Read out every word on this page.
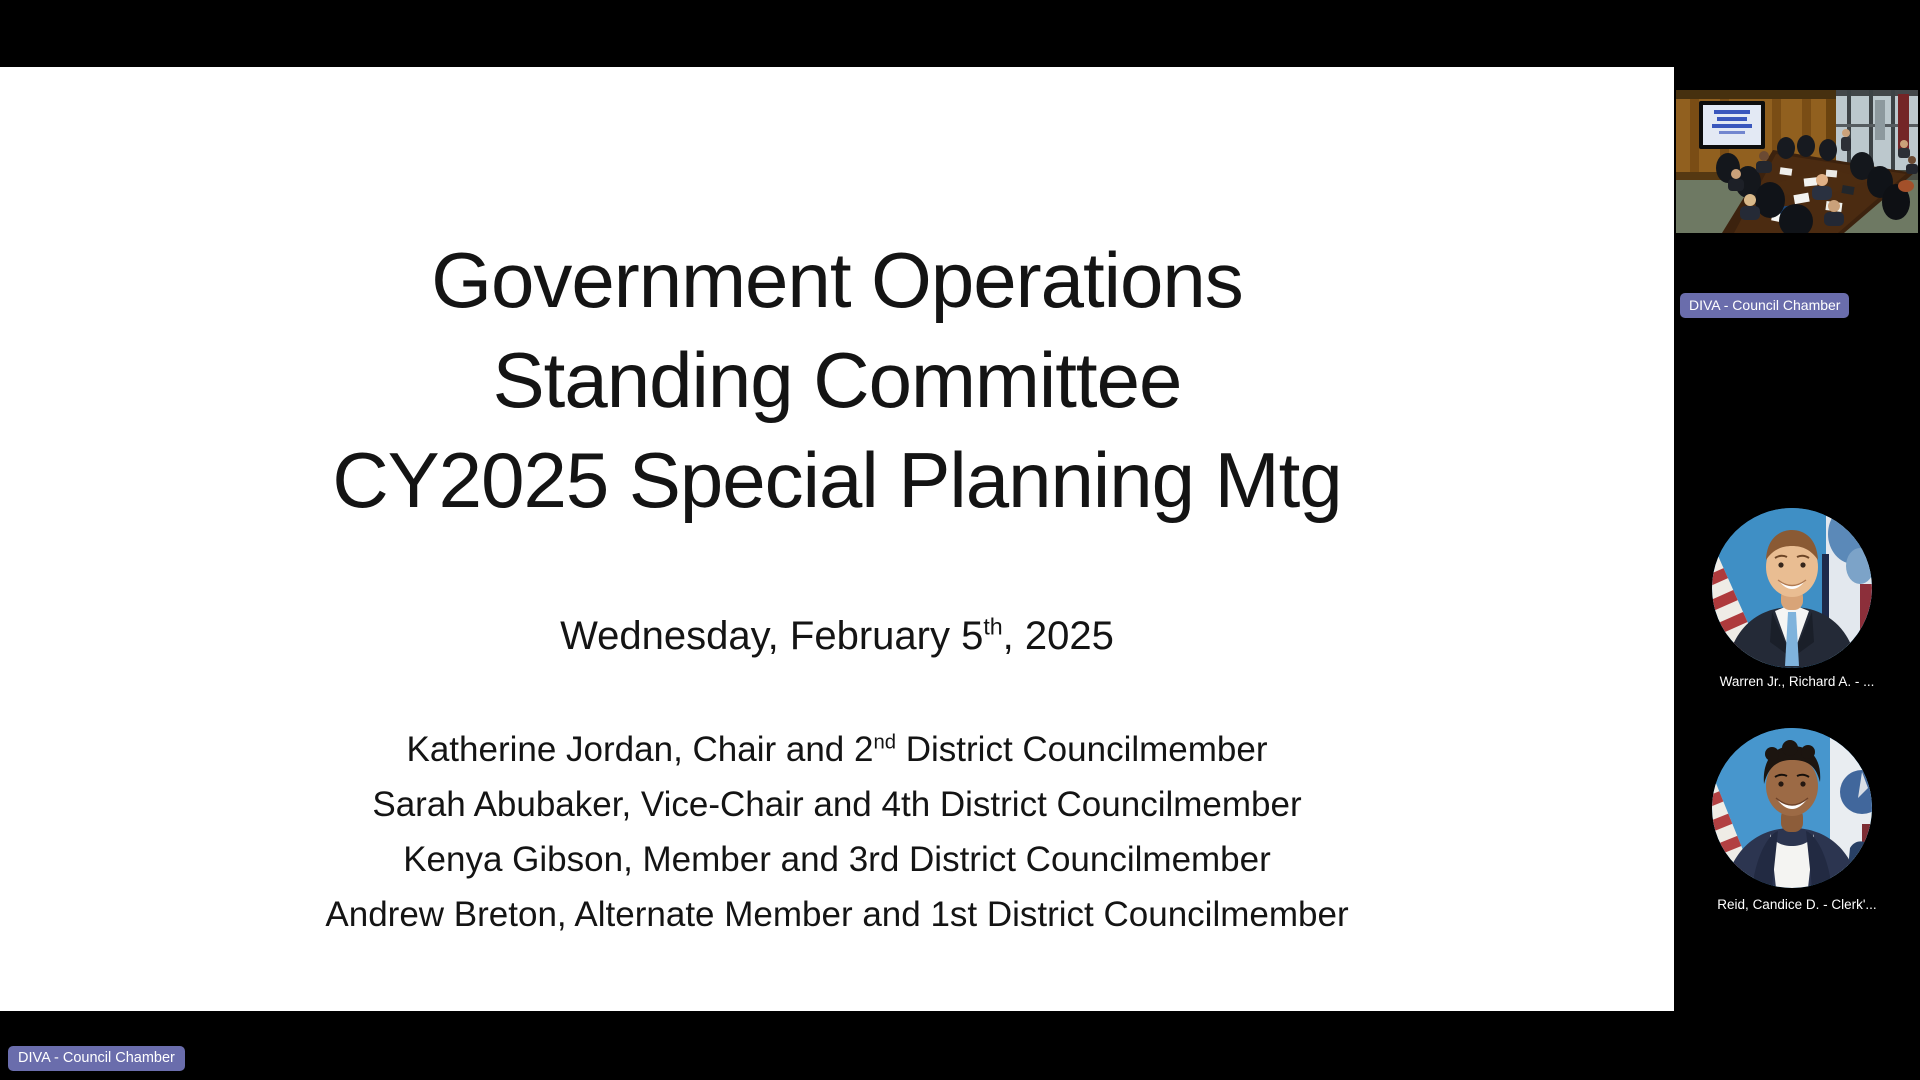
Government Operations
Standing Committee
CY2025 Special Planning Mtg
Wednesday, February 5th, 2025
Katherine Jordan, Chair and 2nd District Councilmember
Sarah Abubaker, Vice-Chair and 4th District Councilmember
Kenya Gibson, Member and 3rd District Councilmember
Andrew Breton, Alternate Member and 1st District Councilmember
DIVA - Council Chamber
DIVA - Council Chamber
Warren Jr., Richard A. - ...
Reid, Candice D. - Clerk'...
